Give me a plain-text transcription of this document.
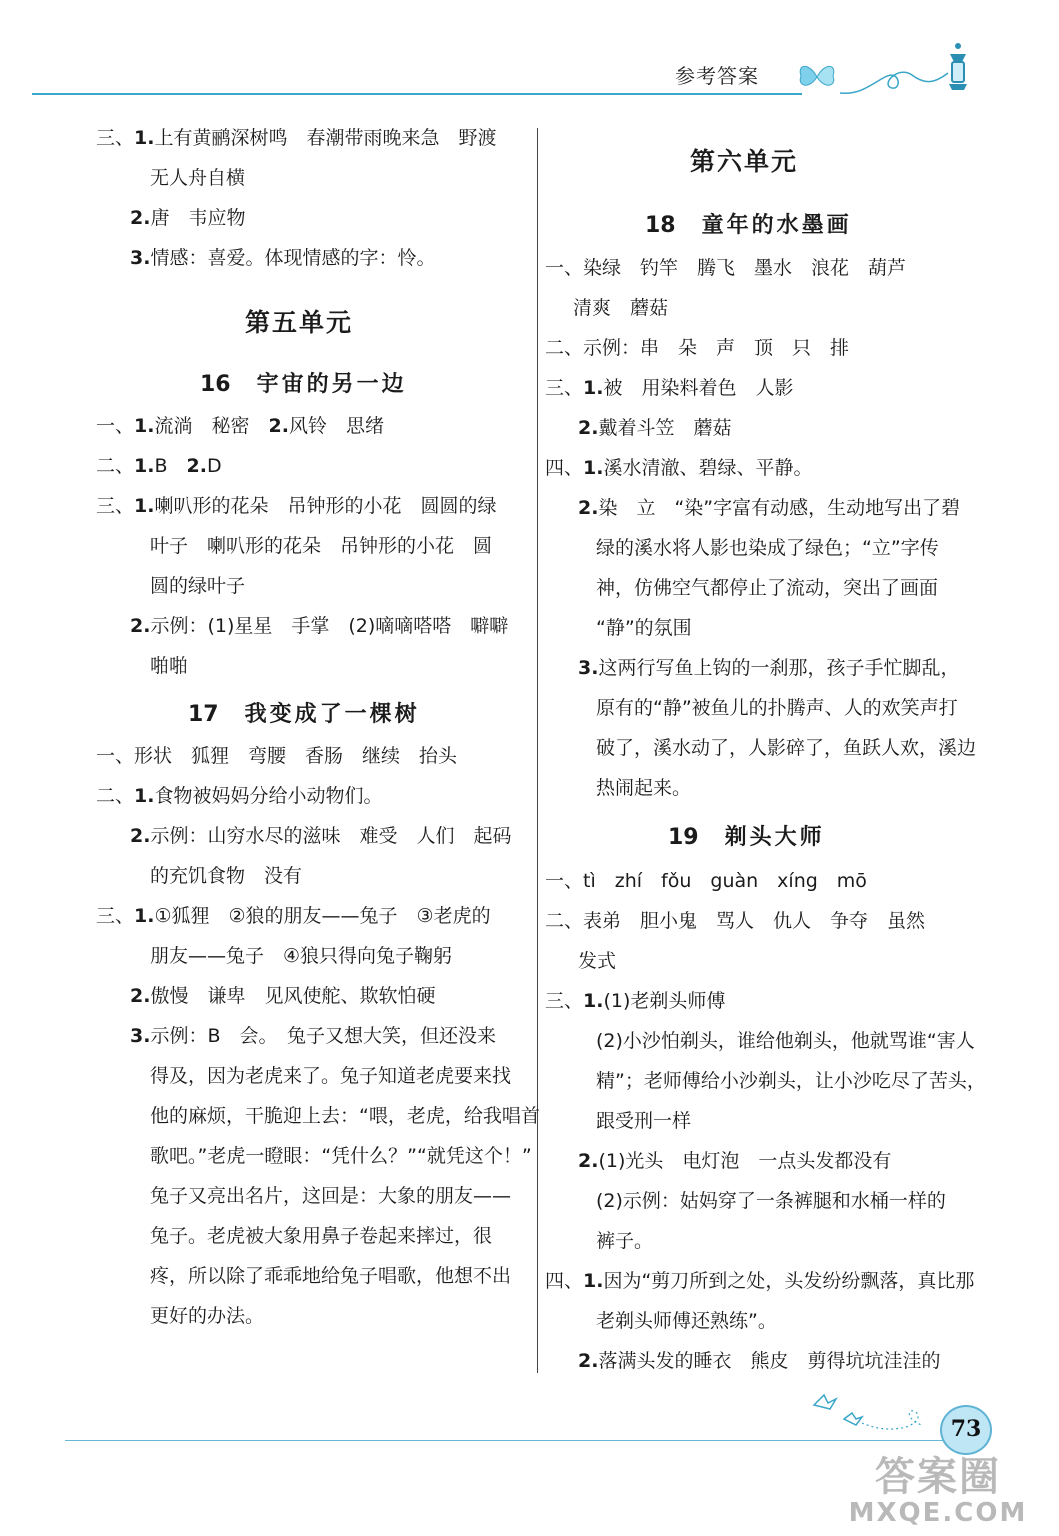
参考答案
三、1.上有黄鹂深树鸣　春潮带雨晚来急　野渡
无人舟自横
2.唐　韦应物
3.情感：喜爱。体现情感的字：怜。
第五单元
16 宇宙的另一边
一、1.流淌　秘密　2.风铃　思绪
二、1.B　2.D
三、1.喇叭形的花朵　吊钟形的小花　圆圆的绿
叶子　喇叭形的花朵　吊钟形的小花　圆
圆的绿叶子
2.示例：(1)星星　手掌　(2)嘀嘀嗒嗒　噼噼
啪啪
17 我变成了一棵树
一、形状　狐狸　弯腰　香肠　继续　抬头
二、1.食物被妈妈分给小动物们。
2.示例：山穷水尽的滋味　难受　人们　起码
的充饥食物　没有
三、1.①狐狸　②狼的朋友——兔子　③老虎的
朋友——兔子　④狼只得向兔子鞠躬
2.傲慢　谦卑　见风使舵、欺软怕硬
3.示例：B　会。　兔子又想大笑，但还没来
得及，因为老虎来了。兔子知道老虎要来找
他的麻烦，干脆迎上去：“喂，老虎，给我唱首
歌吧。”老虎一瞪眼：“凭什么？”“就凭这个！”
兔子又亮出名片，这回是：大象的朋友——
兔子。老虎被大象用鼻子卷起来摔过，很
疼，所以除了乖乖地给兔子唱歌，他想不出
更好的办法。
第六单元
18 童年的水墨画
一、染绿　钓竿　腾飞　墨水　浪花　葫芦
清爽　蘑菇
二、示例：串　朵　声　顶　只　排
三、1.被　用染料着色　人影
2.戴着斗笠　蘑菇
四、1.溪水清澈、碧绿、平静。
2.染　立　“染”字富有动感，生动地写出了碧
绿的溪水将人影也染成了绿色；“立”字传
神，仿佛空气都停止了流动，突出了画面
“静”的氛围
3.这两行写鱼上钩的一刹那，孩子手忙脚乱，
原有的“静”被鱼儿的扑腾声、人的欢笑声打
破了，溪水动了，人影碎了，鱼跃人欢，溪边
热闹起来。
19 剃头大师
一、tì　zhí　fǒu　guàn　xíng　mō
二、表弟　胆小鬼　骂人　仇人　争夺　虽然
发式
三、1.(1)老剃头师傅
(2)小沙怕剃头，谁给他剃头，他就骂谁“害人
精”；老师傅给小沙剃头，让小沙吃尽了苦头，
跟受刑一样
2.(1)光头　电灯泡　一点头发都没有
(2)示例：姑妈穿了一条裤腿和水桶一样的
裤子。
四、1.因为“剪刀所到之处，头发纷纷飘落，真比那
老剃头师傅还熟练”。
2.落满头发的睡衣　熊皮　剪得坑坑洼洼的
73
答案圈
MXQE.COM
